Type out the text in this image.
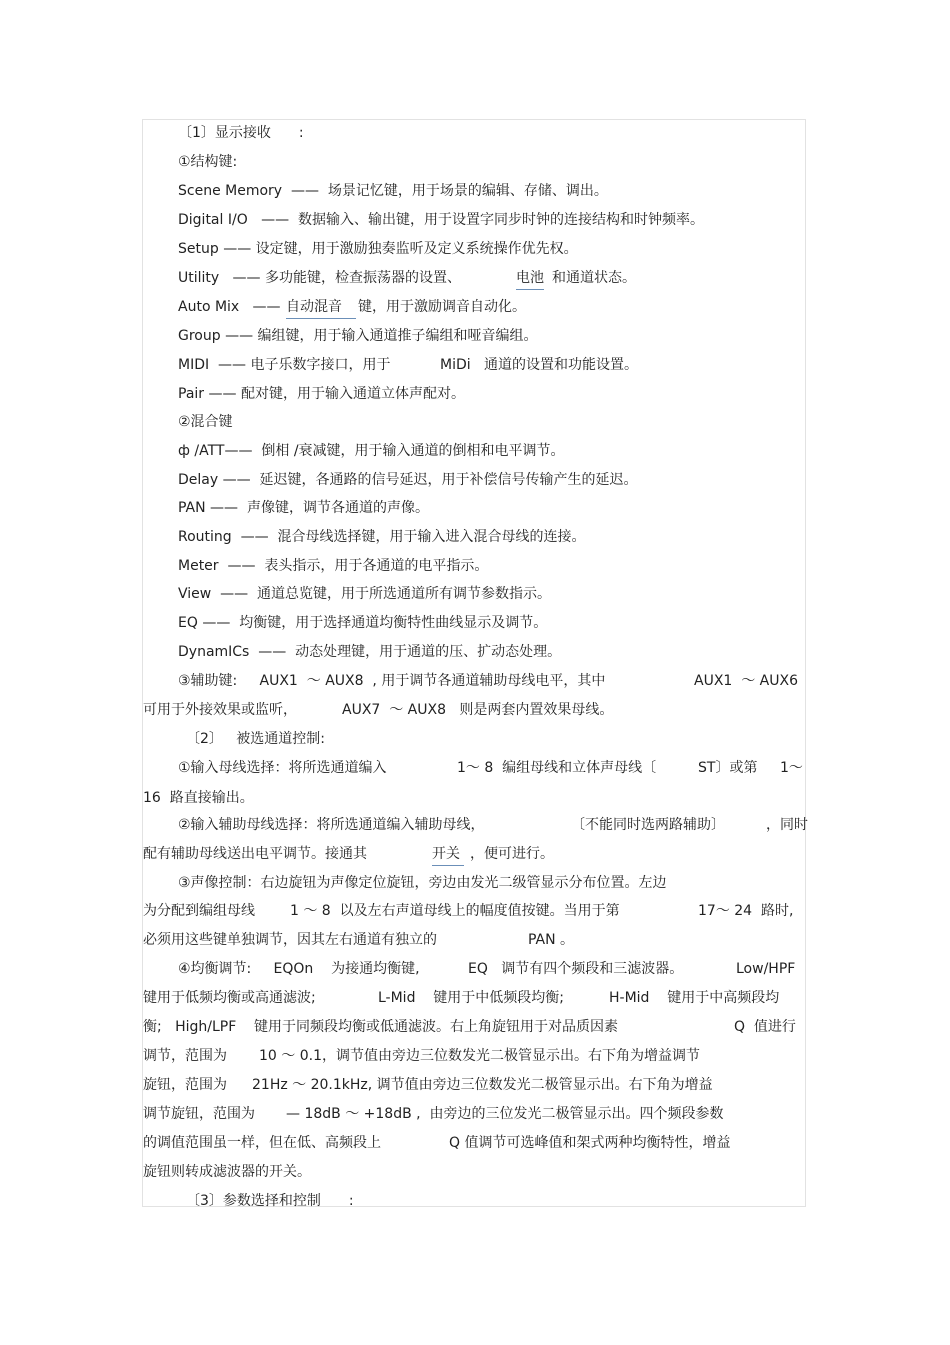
〔1〕显示接收　　:
①结构键:
Scene Memory  ——  场景记忆键，用于场景的编辑、存储、调出。
Digital I/O   ——  数据输入、输出键，用于设置字同步时钟的连接结构和时钟频率。
Setup —— 设定键，用于激励独奏监听及定义系统操作优先权。
Utility   —— 多功能键，检查振荡器的设置、	电池 和通道状态。
Auto Mix   —— 自动混音	键，用于激励调音自动化。
Group —— 编组键，用于输入通道推子编组和哑音编组。
MIDI  —— 电子乐数字接口，用于	MiDi   通道的设置和功能设置。
Pair —— 配对键，用于输入通道立体声配对。
②混合键
ф /ATT——  倒相 /衰减键，用于输入通道的倒相和电平调节。
Delay ——  延迟键，各通路的信号延迟，用于补偿信号传输产生的延迟。
PAN ——  声像键，调节各通道的声像。
Routing  ——  混合母线选择键，用于输入进入混合母线的连接。
Meter  ——  表头指示，用于各通道的电平指示。
View  ——  通道总览键，用于所选通道所有调节参数指示。
EQ ——  均衡键，用于选择通道均衡特性曲线显示及调节。
DynamICs  ——  动态处理键，用于通道的压、扩动态处理。
③辅助键:     AUX1  ～ AUX8  , 用于调节各通道辅助母线电平，其中	AUX1  ～ AUX6
可用于外接效果或监听，	AUX7  ～ AUX8   则是两套内置效果母线。
〔2〕   被选通道控制:
①输入母线选择：将所选通道编入	1～ 8  编组母线和立体声母线〔	ST〕或第 1～
16  路直接输出。
②输入辅助母线选择：将所选通道编入辅助母线，	〔不能同时选两路辅助〕	，同时
配有辅助母线送出电平调节。接通其	开关 ，便可进行。
③声像控制：右边旋钮为声像定位旋钮，旁边由发光二级管显示分布位置。左边
为分配到编组母线	1 ～ 8  以及左右声道母线上的幅度值按键。当用于第	17～ 24  路时,
必须用这些键单独调节，因其左右通道有独立的	PAN 。
④均衡调节:     EQOn    为接通均衡键,	EQ   调节有四个频段和三滤波器。	Low/HPF
键用于低频均衡或高通滤波;	L-Mid    键用于中低频段均衡;	H-Mid    键用于中高频段均
衡;   High/LPF    键用于同频段均衡或低通滤波。右上角旋钮用于对品质因素	Q  值进行
调节，范围为 10 ～ 0.1，调节值由旁边三位数发光二极管显示出。右下角为增益调节
旋钮，范围为 21Hz ～ 20.1kHz, 调节值由旁边三位数发光二极管显示出。右下角为增益
调节旋钮，范围为 — 18dB ～ +18dB ,  由旁边的三位发光二极管显示出。四个频段参数
的调值范围虽一样，但在低、高频段上	Q 值调节可选峰值和架式两种均衡特性，增益
旋钮则转成滤波器的开关。
〔3〕参数选择和控制　　:
